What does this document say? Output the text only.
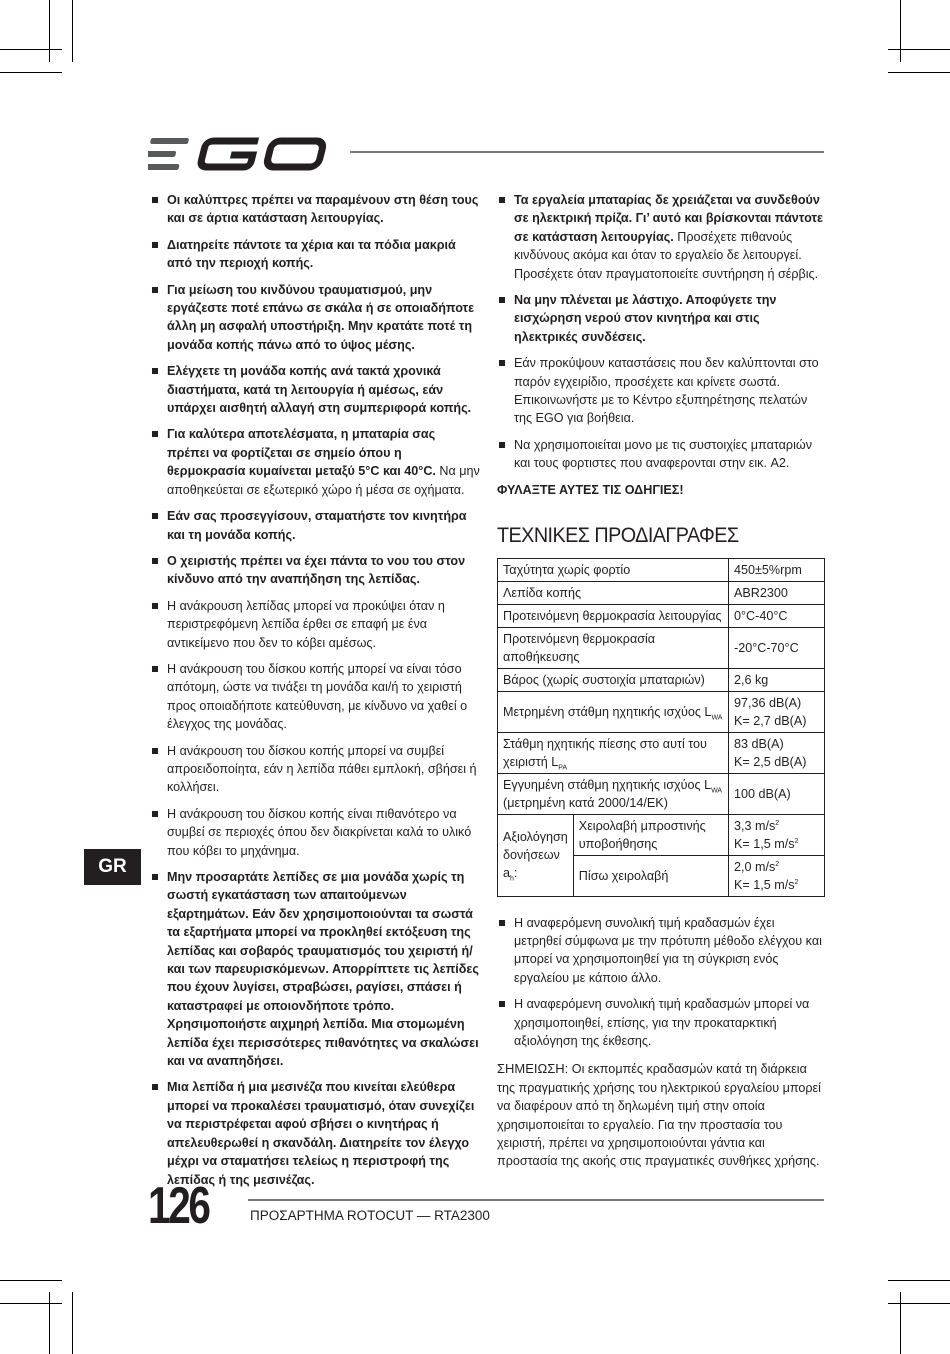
Οι καλύπτρες πρέπει να παραμένουν στη θέση τους και σε άρτια κατάσταση λειτουργίας.
Διατηρείτε πάντοτε τα χέρια και τα πόδια μακριά από την περιοχή κοπής.
Για μείωση του κινδύνου τραυματισμού, μην εργάζεστε ποτέ επάνω σε σκάλα ή σε οποιαδήποτε άλλη μη ασφαλή υποστήριξη. Μην κρατάτε ποτέ τη μονάδα κοπής πάνω από το ύψος μέσης.
Ελέγχετε τη μονάδα κοπής ανά τακτά χρονικά διαστήματα, κατά τη λειτουργία ή αμέσως, εάν υπάρχει αισθητή αλλαγή στη συμπεριφορά κοπής.
Για καλύτερα αποτελέσματα, η μπαταρία σας πρέπει να φορτίζεται σε σημείο όπου η θερμοκρασία κυμαίνεται μεταξύ 5°C και 40°C. Να μην αποθηκεύεται σε εξωτερικό χώρο ή μέσα σε οχήματα.
Εάν σας προσεγγίσουν, σταματήστε τον κινητήρα και τη μονάδα κοπής.
Ο χειριστής πρέπει να έχει πάντα το νου του στον κίνδυνο από την αναπήδηση της λεπίδας.
Η ανάκρουση λεπίδας μπορεί να προκύψει όταν η περιστρεφόμενη λεπίδα έρθει σε επαφή με ένα αντικείμενο που δεν το κόβει αμέσως.
Η ανάκρουση του δίσκου κοπής μπορεί να είναι τόσο απότομη, ώστε να τινάξει τη μονάδα και/ή το χειριστή προς οποιαδήποτε κατεύθυνση, με κίνδυνο να χαθεί ο έλεγχος της μονάδας.
Η ανάκρουση του δίσκου κοπής μπορεί να συμβεί απροειδοποίητα, εάν η λεπίδα πάθει εμπλοκή, σβήσει ή κολλήσει.
Η ανάκρουση του δίσκου κοπής είναι πιθανότερο να συμβεί σε περιοχές όπου δεν διακρίνεται καλά το υλικό που κόβει το μηχάνημα.
Μην προσαρτάτε λεπίδες σε μια μονάδα χωρίς τη σωστή εγκατάσταση των απαιτούμενων εξαρτημάτων. Εάν δεν χρησιμοποιούνται τα σωστά τα εξαρτήματα μπορεί να προκληθεί εκτόξευση της λεπίδας και σοβαρός τραυματισμός του χειριστή ή/και των παρευρισκόμενων. Απορρίπτετε τις λεπίδες που έχουν λυγίσει, στραβώσει, ραγίσει, σπάσει ή καταστραφεί με οποιονδήποτε τρόπο. Χρησιμοποιήστε αιχμηρή λεπίδα. Μια στομωμένη λεπίδα έχει περισσότερες πιθανότητες να σκαλώσει και να αναπηδήσει.
Μια λεπίδα ή μια μεσινέζα που κινείται ελεύθερα μπορεί να προκαλέσει τραυματισμό, όταν συνεχίζει να περιστρέφεται αφού σβήσει ο κινητήρας ή απελευθερωθεί η σκανδάλη. Διατηρείτε τον έλεγχο μέχρι να σταματήσει τελείως η περιστροφή της λεπίδας ή της μεσινέζας.
Τα εργαλεία μπαταρίας δε χρειάζεται να συνδεθούν σε ηλεκτρική πρίζα. Γι’ αυτό και βρίσκονται πάντοτε σε κατάσταση λειτουργίας. Προσέχετε πιθανούς κινδύνους ακόμα και όταν το εργαλείο δε λειτουργεί. Προσέχετε όταν πραγματοποιείτε συντήρηση ή σέρβις.
Να μην πλένεται με λάστιχο. Αποφύγετε την εισχώρηση νερού στον κινητήρα και στις ηλεκτρικές συνδέσεις.
Εάν προκύψουν καταστάσεις που δεν καλύπτονται στο παρόν εγχειρίδιο, προσέχετε και κρίνετε σωστά. Επικοινωνήστε με το Κέντρο εξυπηρέτησης πελατών της EGO για βοήθεια.
Να χρησιμοποιείται μονο με τις συστοιχίες μπαταριών και τους φορτιστες που αναφερονται στην εικ. A2.
ΦΥΛΑΞΤΕ ΑΥΤΕΣ ΤΙΣ ΟΔΗΓΙΕΣ!
ΤΕΧΝΙΚΕΣ ΠΡΟΔΙΑΓΡΑΦΕΣ
Ταχύτητα χωρίς φορτίο		450±5%rpm
Λεπίδα κοπής		ABR2300
Προτεινόμενη θερμοκρασία λειτουργίας		0°C-40°C
Προτεινόμενη θερμοκρασία αποθήκευσης		-20°C-70°C
Βάρος (χωρίς συστοιχία μπαταριών)		2,6 kg
Μετρημένη στάθμη ηχητικής ισχύος $L_{WA}$		97,36 dB(A)
K= 2,7 dB(A)
Στάθμη ηχητικής πίεσης στο αυτί του χειριστή $L_{PA}$		83 dB(A)
K= 2,5 dB(A)
Εγγυημένη στάθμη ηχητικής ισχύος $L_{WA}$
(μετρημένη κατά 2000/14/ΕΚ)		100 dB(A)
Αξιολόγηση δονήσεων
$a_h$:	Χειρολαβή μπροστινής υποβοήθησης	3,3 $m/s^2$
K= 1,5 $m/s^2$
	Πίσω χειρολαβή	2,0 $m/s^2$
K= 1,5 $m/s^2$
Η αναφερόμενη συνολική τιμή κραδασμών έχει μετρηθεί σύμφωνα με την πρότυπη μέθοδο ελέγχου και μπορεί να χρησιμοποιηθεί για τη σύγκριση ενός εργαλείου με κάποιο άλλο.
Η αναφερόμενη συνολική τιμή κραδασμών μπορεί να χρησιμοποιηθεί, επίσης, για την προκαταρκτική αξιολόγηση της έκθεσης.
ΣΗΜΕΙΩΣΗ: Οι εκπομπές κραδασμών κατά τη διάρκεια της πραγματικής χρήσης του ηλεκτρικού εργαλείου μπορεί να διαφέρουν από τη δηλωμένη τιμή στην οποία χρησιμοποιείται το εργαλείο. Για την προστασία του χειριστή, πρέπει να χρησιμοποιούνται γάντια και προστασία της ακοής στις πραγματικές συνθήκες χρήσης.
GR
126	ΠΡΟΣΑΡΤΗΜΑ ROTOCUT — RTA2300
